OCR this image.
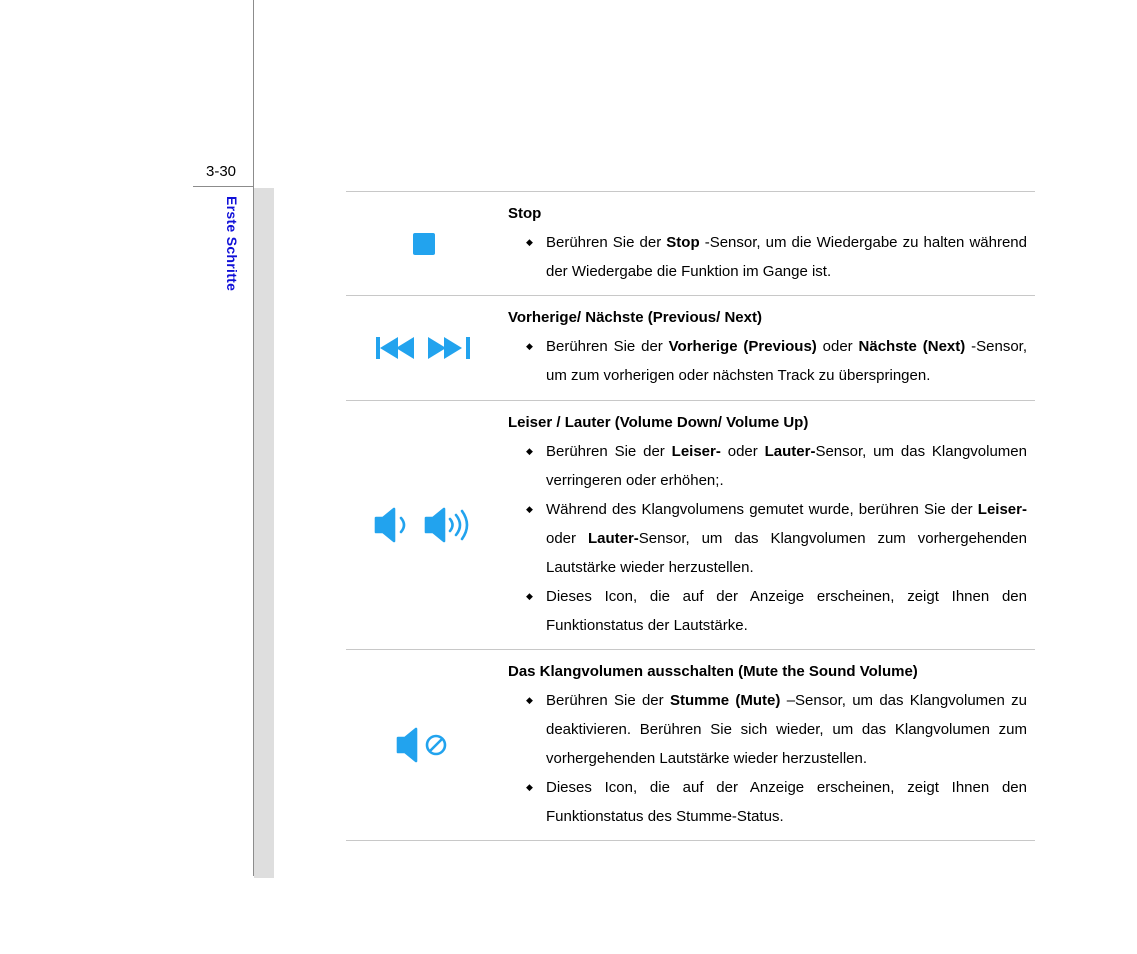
3-30
Erste Schritte	Stop
◆ Berühren Sie der Stop -Sensor, um die Wiedergabe zu halten während der Wiedergabe die Funktion im Gange ist.
Vorherige/ Nächste (Previous/ Next)
◆ Berühren Sie der Vorherige (Previous) oder Nächste (Next) -Sensor, um zum vorherigen oder nächsten Track zu überspringen.
Leiser / Lauter (Volume Down/ Volume Up)
◆ Berühren Sie der Leiser- oder Lauter-Sensor, um das Klangvolumen verringeren oder erhöhen;.
◆ Während des Klangvolumens gemutet wurde, berühren Sie der Leiser- oder Lauter-Sensor, um das Klangvolumen zum vorhergehenden Lautstärke wieder herzustellen.
◆ Dieses Icon, die auf der Anzeige erscheinen, zeigt Ihnen den Funktionstatus der Lautstärke.
Das Klangvolumen ausschalten (Mute the Sound Volume)
◆ Berühren Sie der Stumme (Mute) –Sensor, um das Klangvolumen zu deaktivieren. Berühren Sie sich wieder, um das Klangvolumen zum vorhergehenden Lautstärke wieder herzustellen.
◆ Dieses Icon, die auf der Anzeige erscheinen, zeigt Ihnen den Funktionstatus des Stumme-Status.
